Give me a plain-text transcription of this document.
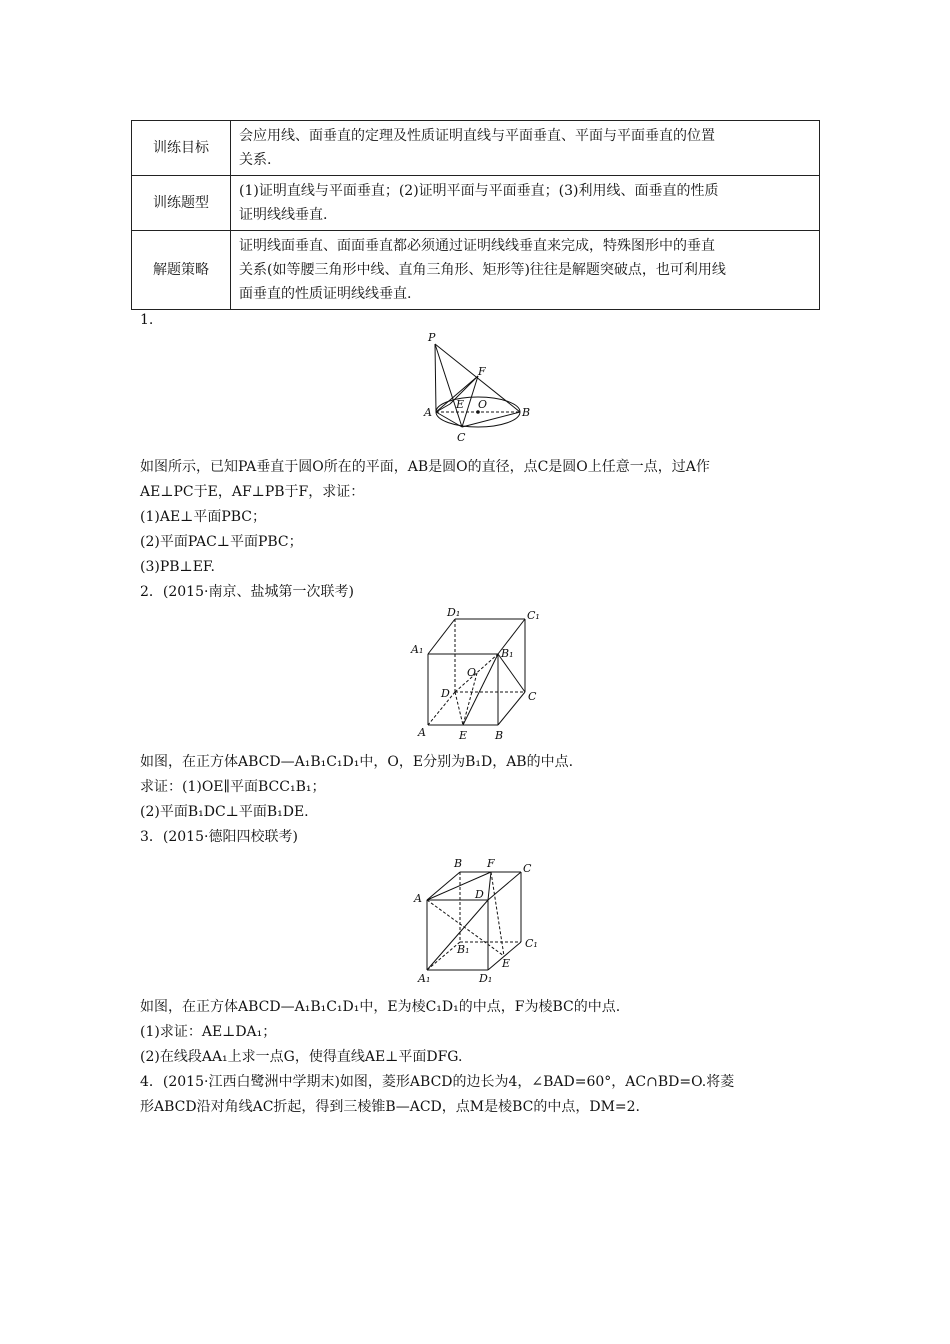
训练目标	会应用线、面垂直的定理及性质证明直线与平面垂直、平面与平面垂直的位置
关系.

训练题型	(1)证明直线与平面垂直；(2)证明平面与平面垂直；(3)利用线、面垂直的性质
证明线线垂直.

解题策略	证明线面垂直、面面垂直都必须通过证明线线垂直来完成，特殊图形中的垂直
关系(如等腰三角形中线、直角三角形、矩形等)往往是解题突破点，也可利用线
面垂直的性质证明线线垂直.
1.
P
F
E O
A	B
C
如图所示，已知PA垂直于圆O所在的平面，AB是圆O的直径，点C是圆O上任意一点，过A作
AE⊥PC于E，AF⊥PB于F，求证：
(1)AE⊥平面PBC；
(2)平面PAC⊥平面PBC；
(3)PB⊥EF.
2．(2015·南京、盐城第一次联考)
D₁	C₁
A₁	B₁
O
D	C
A	E	B
如图，在正方体ABCD—A₁B₁C₁D₁中，O，E分别为B₁D，AB的中点.
求证：(1)OE∥平面BCC₁B₁；
(2)平面B₁DC⊥平面B₁DE.
3．(2015·德阳四校联考)
B F	C
A	D
B₁	C₁
A₁	D₁
E
如图，在正方体ABCD—A₁B₁C₁D₁中，E为棱C₁D₁的中点，F为棱BC的中点.
(1)求证：AE⊥DA₁；
(2)在线段AA₁上求一点G，使得直线AE⊥平面DFG.
4．(2015·江西白鹭洲中学期末)如图，菱形ABCD的边长为4，∠BAD=60°，AC∩BD=O.将菱
形ABCD沿对角线AC折起，得到三棱锥B—ACD，点M是棱BC的中点，DM=2.
